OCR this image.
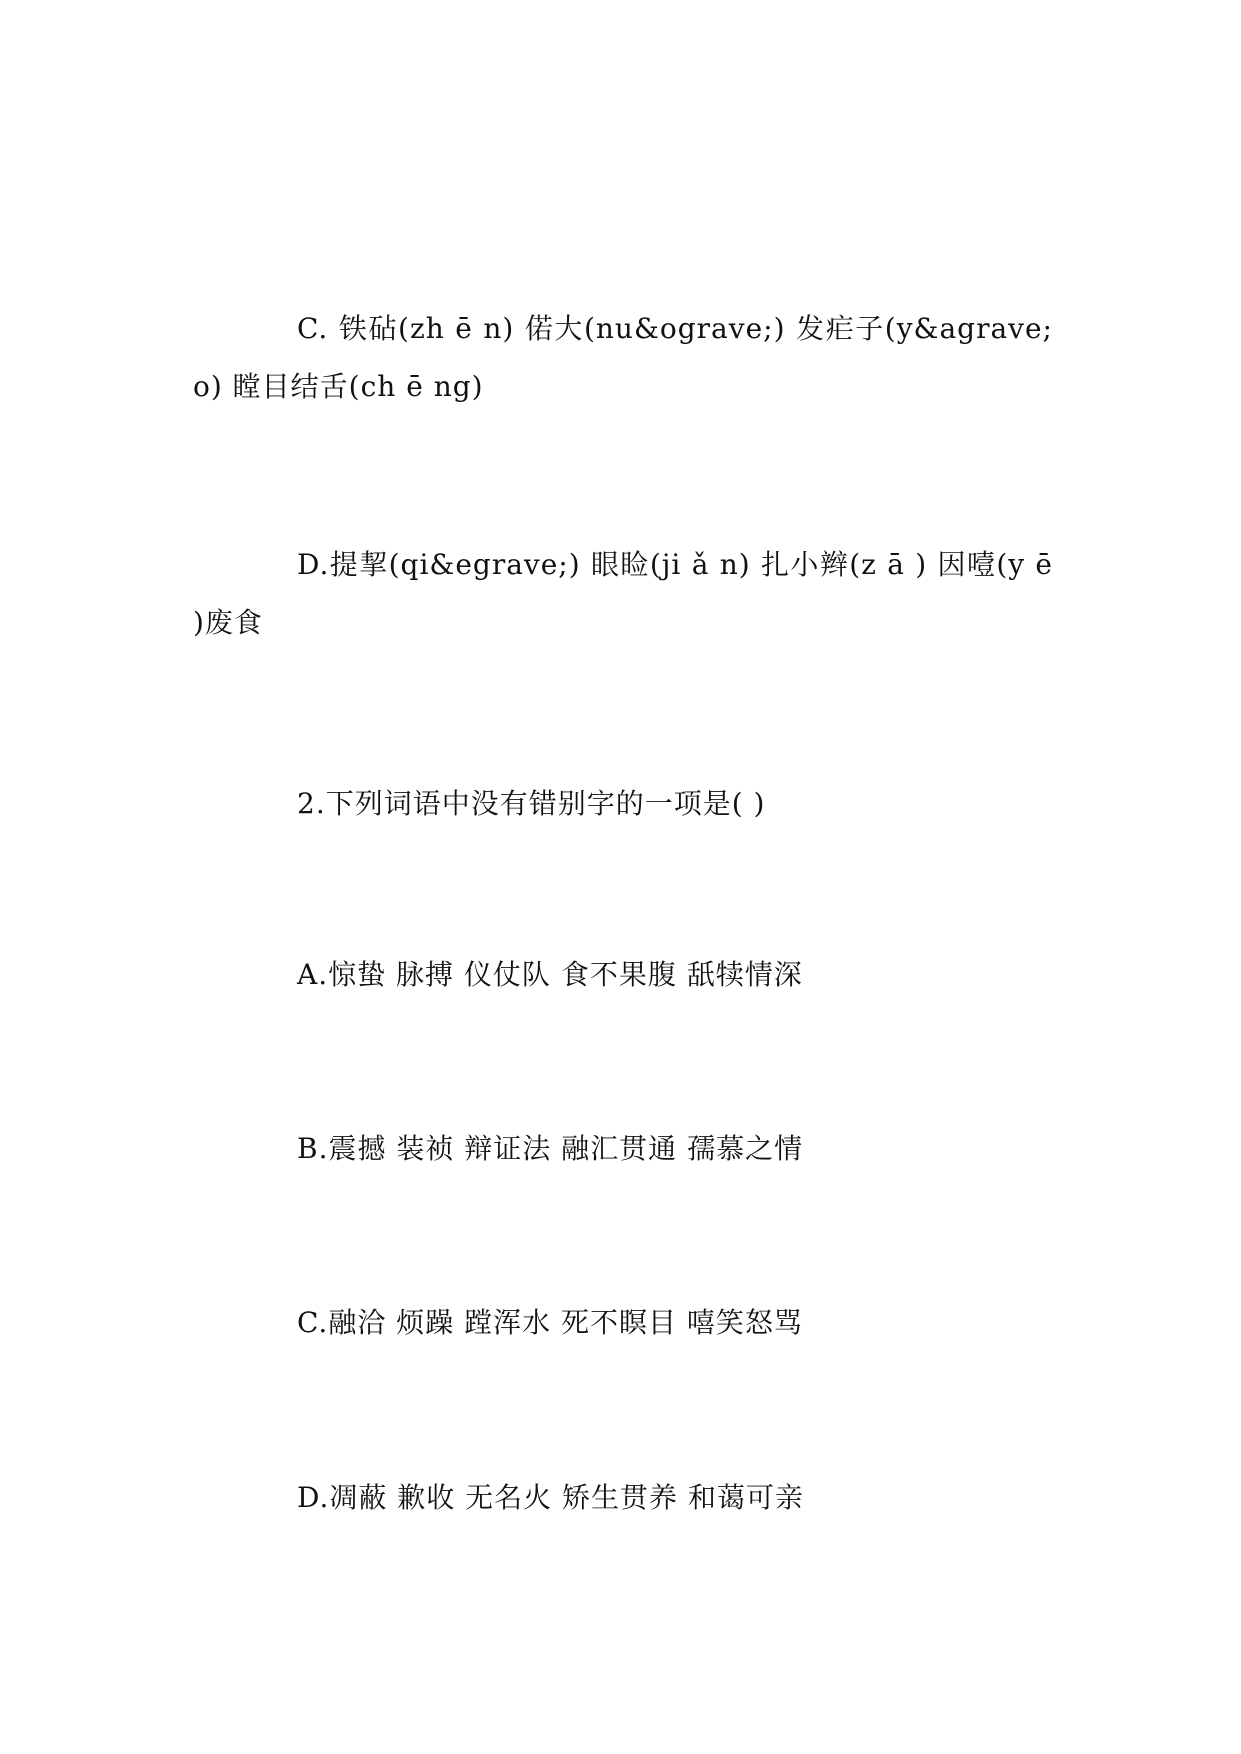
C. 铁砧(zh ē n) 偌大(nu&ograve;) 发疟子(y&agrave;o) 瞠目结舌(ch ē ng)

D.提挈(qi&egrave;) 眼睑(ji ǎ n) 扎小辫(z ā ) 因噎(y ē )废食

2.下列词语中没有错别字的一项是( )

A.惊蛰 脉搏 仪仗队 食不果腹 舐犊情深

B.震撼 装祯 辩证法 融汇贯通 孺慕之情

C.融洽 烦躁 蹚浑水 死不瞑目 嘻笑怒骂

D.凋蔽 歉收 无名火 矫生贯养 和蔼可亲
